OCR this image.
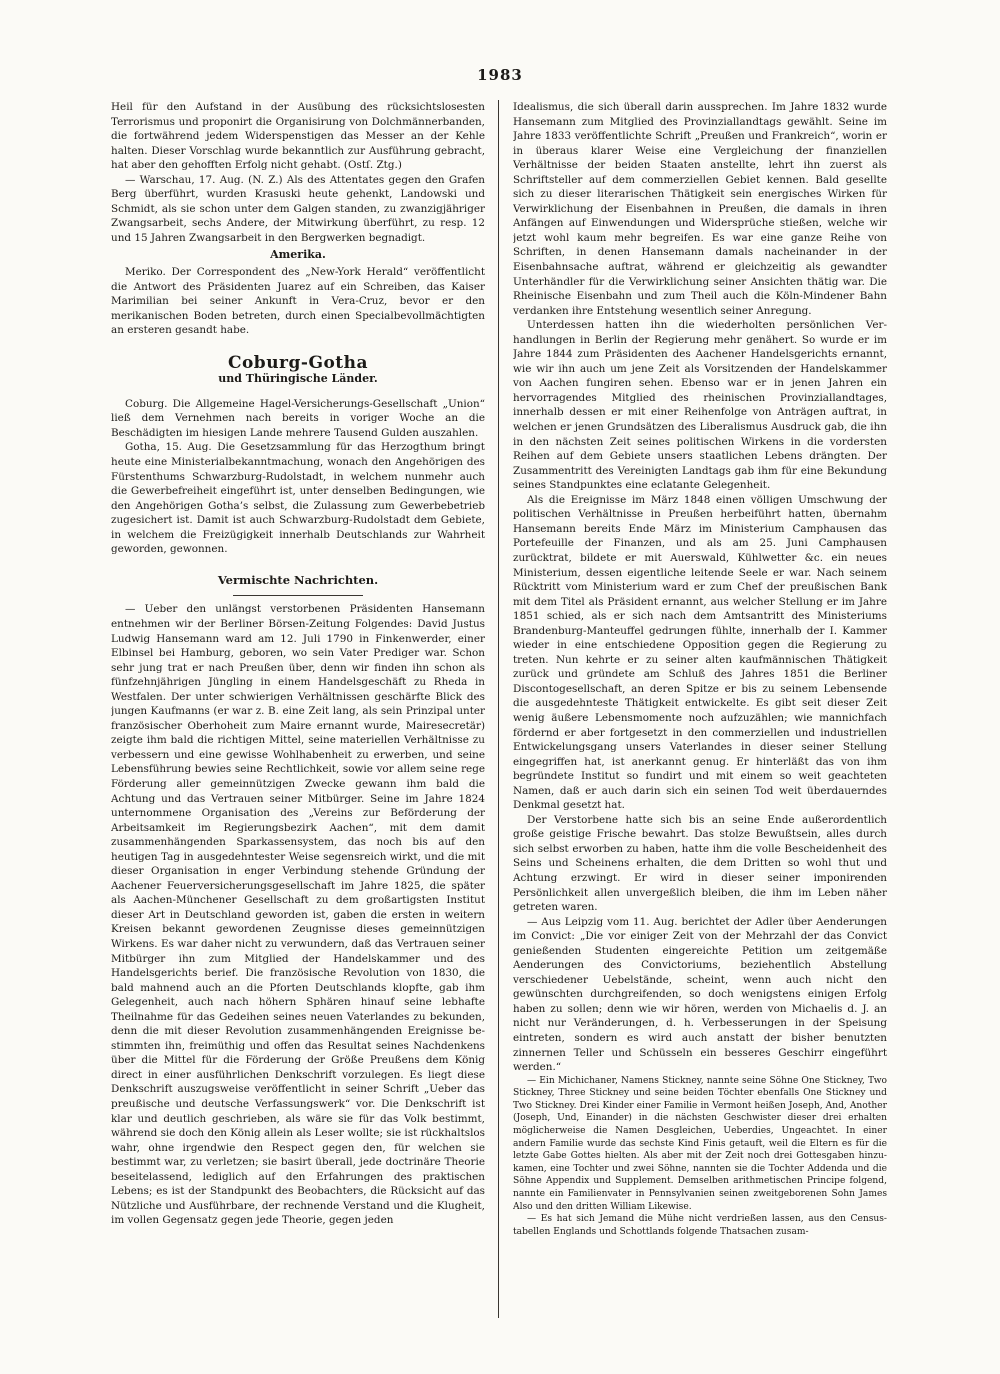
1983

Heil für den Aufstand in der Ausübung des rücksichtslosesten Terrorismus und proponirt die Organisirung von Dolchmännerbanden, die fortwährend jedem Widerspenstigen das Messer an der Kehle halten. Dieser Vorschlag wurde bekanntlich zur Ausführung gebracht, hat aber den gehofften Erfolg nicht gehabt. (Ostſ. Ztg.)

— Warschau, 17. Aug. (N. Z.) Als des Attentates gegen den Grafen Berg überführt, wurden Krasuski heute gehenkt, Landowski und Schmidt, als sie schon unter dem Galgen standen, zu zwanzigjähriger Zwangsarbeit, sechs Andere, der Mitwirkung überführt, zu resp. 12 und 15 Jahren Zwangsarbeit in den Bergwerken begnadigt.

Amerika.

Meriko. Der Correspondent des „New-York Herald“ veröffentlicht die Antwort des Präsidenten Juarez auf ein Schreiben, das Kaiser Marimilian bei seiner Ankunft in Vera-Cruz, bevor er den merikanischen Boden betreten, durch einen Specialbevollmächtigten an ersteren gesandt habe.

Coburg-Gotha
und Thüringische Länder.

Coburg. Die Allgemeine Hagel-Versicherungs-Gesellschaft „Union“ ließ dem Vernehmen nach bereits in voriger Woche an die Beschädigten im hiesigen Lande mehrere Tausend Gulden auszahlen.

Gotha, 15. Aug. Die Gesetzsammlung für das Herzogthum bringt heute eine Ministerialbekanntmachung, wonach den Angehörigen des Fürstenthums Schwarzburg-Rudolstadt, in welchem nunmehr auch die Gewerbefreiheit eingeführt ist, unter denselben Bedingungen, wie den Angehörigen Gotha’s selbst, die Zulassung zum Gewerbebetrieb zugesichert ist. Damit ist auch Schwarzburg-Rudolstadt dem Gebiete, in welchem die Freizügigkeit innerhalb Deutschlands zur Wahrheit geworden, gewonnen.

Vermischte Nachrichten.

— Ueber den unlängst verstorbenen Präsidenten Hansemann entnehmen wir der Berliner Börsen-Zeitung Folgendes: David Justus Ludwig Hansemann ward am 12. Juli 1790 in Finkenwerder, einer Elbinsel bei Hamburg, geboren, wo sein Vater Prediger war. Schon sehr jung trat er nach Preußen über, denn wir finden ihn schon als fünfzehnjährigen Jüngling in einem Handelsgeschäft zu Rheda in Westfalen. Der unter schwierigen Verhältnissen geschärfte Blick des jungen Kaufmanns (er war z. B. eine Zeit lang, als sein Prinzipal unter französischer Oberhoheit zum Maire ernannt wurde, Mairesecretär) zeigte ihm bald die richtigen Mittel, seine materiellen Verhältnisse zu verbessern und eine gewisse Wohlhabenheit zu erwerben, und seine Lebensführung bewies seine Rechtlichkeit, sowie vor allem seine rege Förderung aller gemeinnützigen Zwecke gewann ihm bald die Achtung und das Vertrauen seiner Mitbürger. Seine im Jahre 1824 unternommene Organisation des „Vereins zur Beförderung der Arbeitsamkeit im Regierungsbezirk Aachen“, mit dem damit zusammenhängenden Sparkassensystem, das noch bis auf den heutigen Tag in ausgedehntester Weise segensreich wirkt, und die mit dieser Organisation in enger Verbindung stehende Gründung der Aachener Feuerversicherungsgesellschaft im Jahre 1825, die später als Aachen-Münchener Gesellschaft zu dem großartigsten Institut dieser Art in Deutschland geworden ist, gaben die ersten in weitern Kreisen bekannt gewordenen Zeugnisse dieses gemeinnützigen Wirkens. Es war daher nicht zu verwundern, daß das Vertrauen seiner Mitbürger ihn zum Mitglied der Handelskammer und des Handelsgerichts berief. Die französische Revolution von 1830, die bald mahnend auch an die Pforten Deutschlands klopfte, gab ihm Gelegenheit, auch nach höhern Sphären hinauf seine lebhafte Theilnahme für das Gedeihen seines neuen Vaterlandes zu bekunden, denn die mit dieser Revolution zusammenhängenden Ereignisse bestimmten ihn, freimüthig und offen das Resultat seines Nachdenkens über die Mittel für die Förderung der Größe Preußens dem König direct in einer ausführlichen Denkschrift vorzulegen. Es liegt diese Denkschrift auszugsweise veröffentlicht in seiner Schrift „Ueber das preußische und deutsche Verfassungswerk“ vor. Die Denkschrift ist klar und deutlich geschrieben, als wäre sie für das Volk bestimmt, während sie doch den König allein als Leser wollte; sie ist rückhaltslos wahr, ohne irgendwie den Respect gegen den, für welchen sie bestimmt war, zu verletzen; sie basirt überall, jede doctrinäre Theorie beseitelassend, lediglich auf den Erfahrungen des praktischen Lebens; es ist der Standpunkt des Beobachters, die Rücksicht auf das Nützliche und Ausführbare, der rechnende Verstand und die Klugheit, im vollen Gegensatz gegen jede Theorie, gegen jeden

Idealismus, die sich überall darin aussprechen. Im Jahre 1832 wurde Hansemann zum Mitglied des Provinziallandtags gewählt. Seine im Jahre 1833 veröffentlichte Schrift „Preußen und Frankreich“, worin er in überaus klarer Weise eine Vergleichung der finanziellen Verhältnisse der beiden Staaten anstellte, lehrt ihn zuerst als Schriftsteller auf dem commerziellen Gebiet kennen. Bald gesellte sich zu dieser literarischen Thätigkeit sein energisches Wirken für Verwirklichung der Eisenbahnen in Preußen, die damals in ihren Anfängen auf Einwendungen und Widersprüche stießen, welche wir jetzt wohl kaum mehr begreifen. Es war eine ganze Reihe von Schriften, in denen Hansemann damals nacheinander in der Eisenbahnsache auftrat, während er gleichzeitig als gewandter Unterhändler für die Verwirklichung seiner Ansichten thätig war. Die Rheinische Eisenbahn und zum Theil auch die Köln-Mindener Bahn verdanken ihre Entstehung wesentlich seiner Anregung.

Unterdessen hatten ihn die wiederholten persönlichen Verhandlungen in Berlin der Regierung mehr genähert. So wurde er im Jahre 1844 zum Präsidenten des Aachener Handelsgerichts ernannt, wie wir ihn auch um jene Zeit als Vorsitzenden der Handelskammer von Aachen fungiren sehen. Ebenso war er in jenen Jahren ein hervorragendes Mitglied des rheinischen Provinziallandtages, innerhalb dessen er mit einer Reihenfolge von Anträgen auftrat, in welchen er jenen Grundsätzen des Liberalismus Ausdruck gab, die ihn in den nächsten Zeit seines politischen Wirkens in die vordersten Reihen auf dem Gebiete unsers staatlichen Lebens drängten. Der Zusammentritt des Vereinigten Landtags gab ihm für eine Bekundung seines Standpunktes eine eclatante Gelegenheit.

Als die Ereignisse im März 1848 einen völligen Umschwung der politischen Verhältnisse in Preußen herbeiführt hatten, übernahm Hansemann bereits Ende März im Ministerium Camphausen das Portefeuille der Finanzen, und als am 25. Juni Camphausen zurücktrat, bildete er mit Auerswald, Kühlwetter &c. ein neues Ministerium, dessen eigentliche leitende Seele er war. Nach seinem Rücktritt vom Ministerium ward er zum Chef der preußischen Bank mit dem Titel als Präsident ernannt, aus welcher Stellung er im Jahre 1851 schied, als er sich nach dem Amtsantritt des Ministeriums Brandenburg-Manteuffel gedrungen fühlte, innerhalb der I. Kammer wieder in eine entschiedene Opposition gegen die Regierung zu treten. Nun kehrte er zu seiner alten kaufmännischen Thätigkeit zurück und gründete am Schluß des Jahres 1851 die Berliner Discontogesellschaft, an deren Spitze er bis zu seinem Lebensende die ausgedehnteste Thätigkeit entwickelte. Es gibt seit dieser Zeit wenig äußere Lebensmomente noch aufzuzählen; wie mannichfach fördernd er aber fortgesetzt in den commerziellen und industriellen Entwickelungsgang unsers Vaterlandes in dieser seiner Stellung eingegriffen hat, ist anerkannt genug. Er hinterläßt das von ihm begründete Institut so fundirt und mit einem so weit geachteten Namen, daß er auch darin sich ein seinen Tod weit überdauerndes Denkmal gesetzt hat.

Der Verstorbene hatte sich bis an seine Ende außerordentlich große geistige Frische bewahrt. Das stolze Bewußtsein, alles durch sich selbst erworben zu haben, hatte ihm die volle Bescheidenheit des Seins und Scheinens erhalten, die dem Dritten so wohl thut und Achtung erzwingt. Er wird in dieser seiner imponirenden Persönlichkeit allen unvergeßlich bleiben, die ihm im Leben näher getreten waren.

— Aus Leipzig vom 11. Aug. berichtet der Adler über Aenderungen im Convict: „Die vor einiger Zeit von der Mehrzahl der das Convict genießenden Studenten eingereichte Petition um zeitgemäße Aenderungen des Convictoriums, beziehentlich Abstellung verschiedener Uebelstände, scheint, wenn auch nicht den gewünschten durchgreifenden, so doch wenigstens einigen Erfolg haben zu sollen; denn wie wir hören, werden von Michaelis d. J. an nicht nur Veränderungen, d. h. Verbesserungen in der Speisung eintreten, sondern es wird auch anstatt der bisher benutzten zinnernen Teller und Schüsseln ein besseres Geschirr eingeführt werden.“

— Ein Michichaner, Namens Stickney, nannte seine Söhne One Stickney, Two Stickney, Three Stickney und seine beiden Töchter ebenfalls One Stickney und Two Stickney. Drei Kinder einer Familie in Vermont heißen Joseph, And, Another (Joseph, Und, Einander) in die nächsten Geschwister dieser drei erhalten möglicherweise die Namen Desgleichen, Ueberdies, Ungeachtet. In einer andern Familie wurde das sechste Kind Finis getauft, weil die Eltern es für die letzte Gabe Gottes hielten. Als aber mit der Zeit noch drei Gottesgaben hinzukamen, eine Tochter und zwei Söhne, nannten sie die Tochter Addenda und die Söhne Appendix und Supplement. Demselben arithmetischen Principe folgend, nannte ein Familienvater in Pennsylvanien seinen zweitgeborenen Sohn James Also und den dritten William Likewise.

— Es hat sich Jemand die Mühe nicht verdrießen lassen, aus den Census-tabellen Englands und Schottlands folgende Thatsachen zusam-
